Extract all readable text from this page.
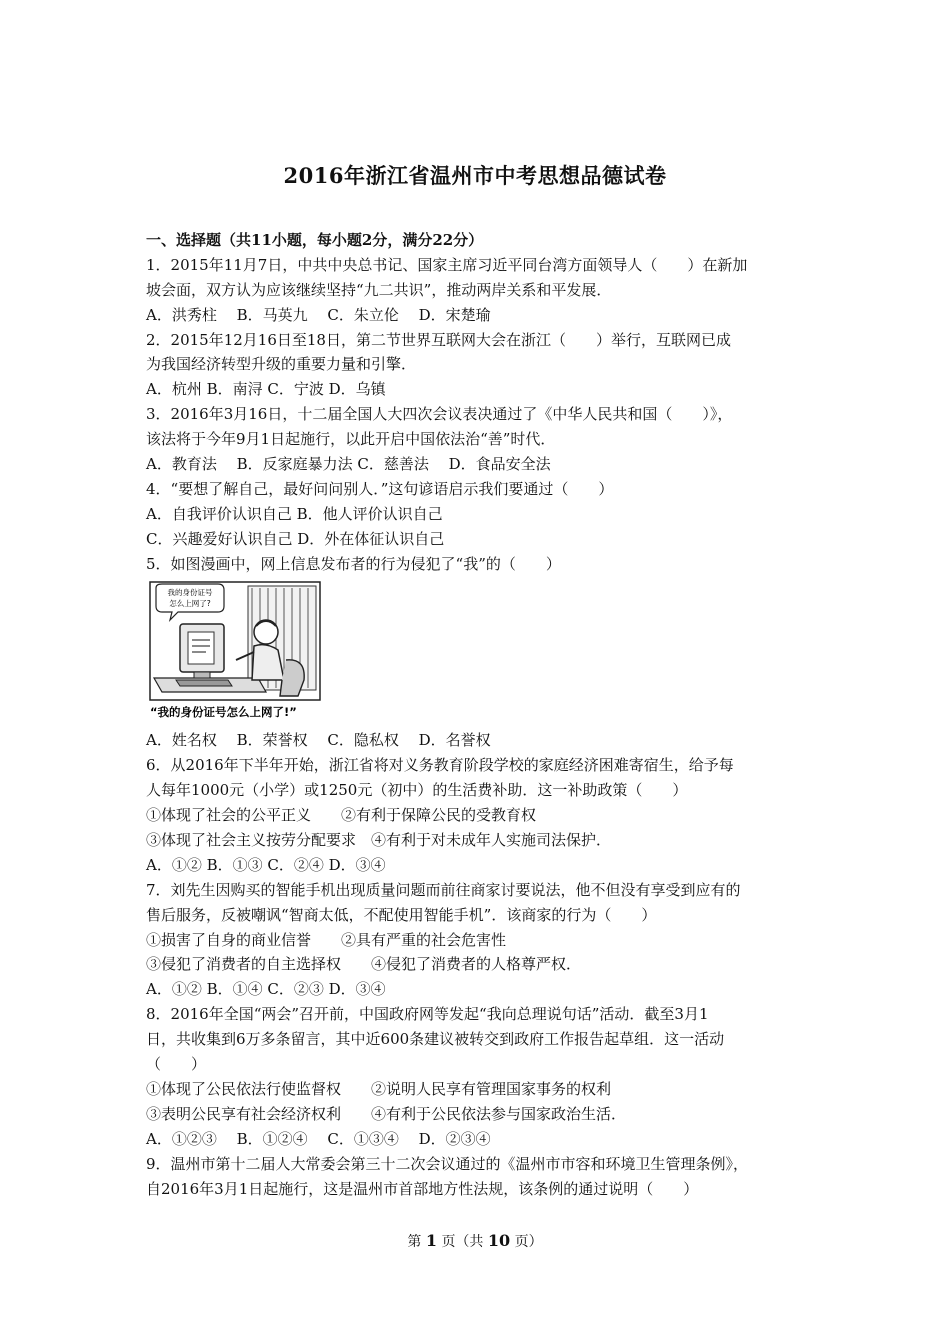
2016年浙江省温州市中考思想品德试卷
一、选择题（共11小题，每小题2分，满分22分）
1．2015年11月7日，中共中央总书记、国家主席习近平同台湾方面领导人（　　）在新加
坡会面，双方认为应该继续坚持“九二共识”，推动两岸关系和平发展．
A．洪秀柱　 B．马英九　 C．朱立伦　 D．宋楚瑜
2．2015年12月16日至18日，第二节世界互联网大会在浙江（　　）举行，互联网已成
为我国经济转型升级的重要力量和引擎．
A．杭州 B．南浔 C．宁波 D．乌镇
3．2016年3月16日，十二届全国人大四次会议表决通过了《中华人民共和国（　　）》，
该法将于今年9月1日起施行，以此开启中国依法治“善”时代．
A．教育法　 B．反家庭暴力法 C．慈善法　 D．食品安全法
4．“要想了解自己，最好问问别人．”这句谚语启示我们要通过（　　）
A．自我评价认识自己 B．他人评价认识自己
C．兴趣爱好认识自己 D．外在体征认识自己
5．如图漫画中，网上信息发布者的行为侵犯了“我”的（　　）
我的身份证号
怎么上网了?
“我的身份证号怎么上网了!”
A．姓名权　 B．荣誉权　 C．隐私权　 D．名誉权
6．从2016年下半年开始，浙江省将对义务教育阶段学校的家庭经济困难寄宿生，给予每
人每年1000元（小学）或1250元（初中）的生活费补助．这一补助政策（　　）
①体现了社会的公平正义　　②有利于保障公民的受教育权
③体现了社会主义按劳分配要求　④有利于对未成年人实施司法保护．
A．①② B．①③ C．②④ D．③④
7．刘先生因购买的智能手机出现质量问题而前往商家讨要说法，他不但没有享受到应有的
售后服务，反被嘲讽“智商太低，不配使用智能手机”．该商家的行为（　　）
①损害了自身的商业信誉　　②具有严重的社会危害性
③侵犯了消费者的自主选择权　　④侵犯了消费者的人格尊严权．
A．①② B．①④ C．②③ D．③④
8．2016年全国“两会”召开前，中国政府网等发起“我向总理说句话”活动．截至3月1
日，共收集到6万多条留言，其中近600条建议被转交到政府工作报告起草组．这一活动
（　　）
①体现了公民依法行使监督权　　②说明人民享有管理国家事务的权利
③表明公民享有社会经济权利　　④有利于公民依法参与国家政治生活．
A．①②③　 B．①②④　 C．①③④　 D．②③④
9．温州市第十二届人大常委会第三十二次会议通过的《温州市市容和环境卫生管理条例》，
自2016年3月1日起施行，这是温州市首部地方性法规，该条例的通过说明（　　）
第 1 页（共 10 页）
